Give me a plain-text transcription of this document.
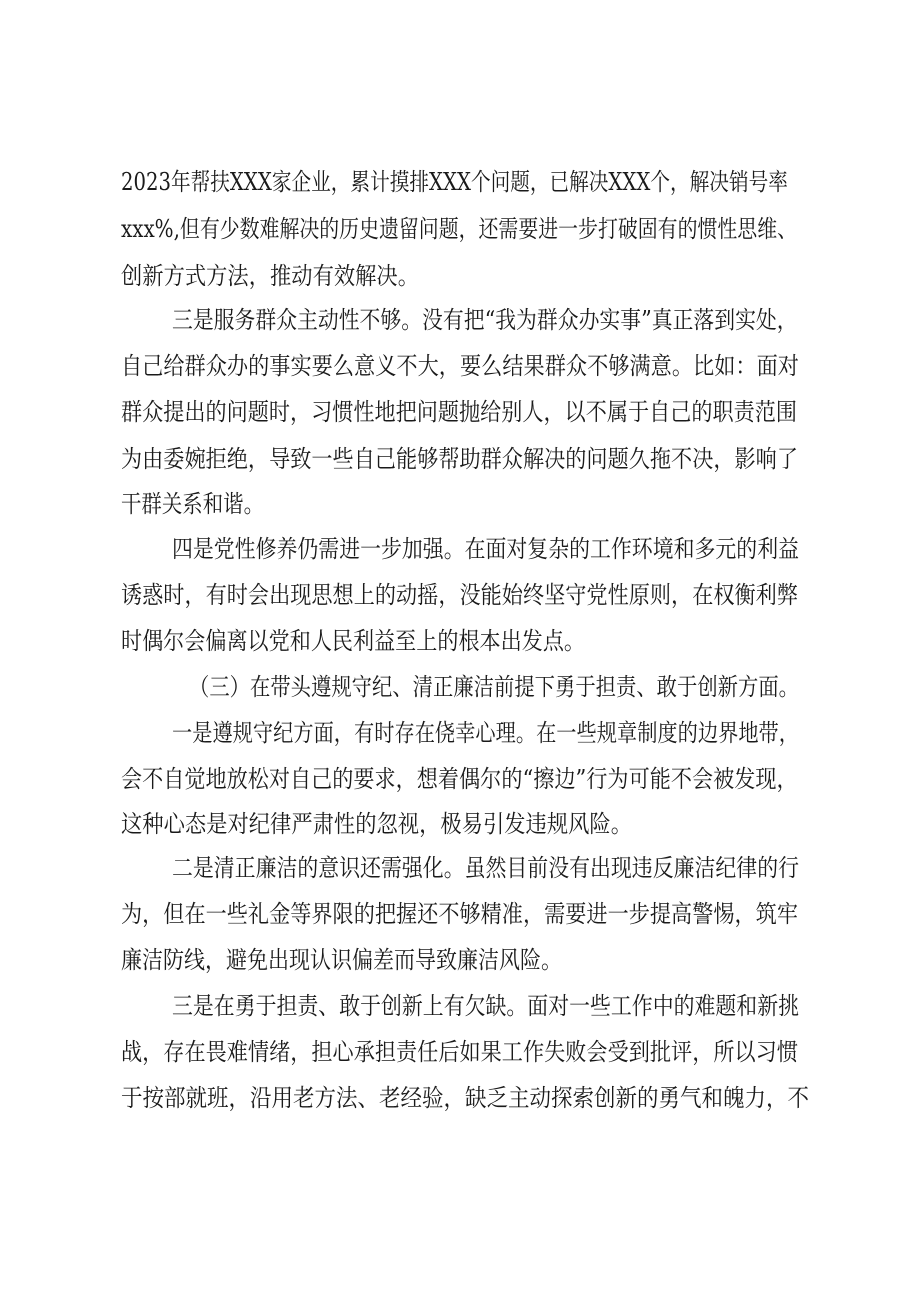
2023年帮扶XXX家企业，累计摸排XXX个问题，已解决XXX个，解决销号率
xxx%,但有少数难解决的历史遗留问题，还需要进一步打破固有的惯性思维、
创新方式方法，推动有效解决。
三是服务群众主动性不够。没有把“我为群众办实事”真正落到实处，
自己给群众办的事实要么意义不大，要么结果群众不够满意。比如：面对
群众提出的问题时，习惯性地把问题抛给别人，以不属于自己的职责范围
为由委婉拒绝，导致一些自己能够帮助群众解决的问题久拖不决，影响了
干群关系和谐。
四是党性修养仍需进一步加强。在面对复杂的工作环境和多元的利益
诱惑时，有时会出现思想上的动摇，没能始终坚守党性原则，在权衡利弊
时偶尔会偏离以党和人民利益至上的根本出发点。
（三）在带头遵规守纪、清正廉洁前提下勇于担责、敢于创新方面。
一是遵规守纪方面，有时存在侥幸心理。在一些规章制度的边界地带，
会不自觉地放松对自己的要求，想着偶尔的“擦边”行为可能不会被发现，
这种心态是对纪律严肃性的忽视，极易引发违规风险。
二是清正廉洁的意识还需强化。虽然目前没有出现违反廉洁纪律的行
为，但在一些礼金等界限的把握还不够精准，需要进一步提高警惕，筑牢
廉洁防线，避免出现认识偏差而导致廉洁风险。
三是在勇于担责、敢于创新上有欠缺。面对一些工作中的难题和新挑
战，存在畏难情绪，担心承担责任后如果工作失败会受到批评，所以习惯
于按部就班，沿用老方法、老经验，缺乏主动探索创新的勇气和魄力，不
